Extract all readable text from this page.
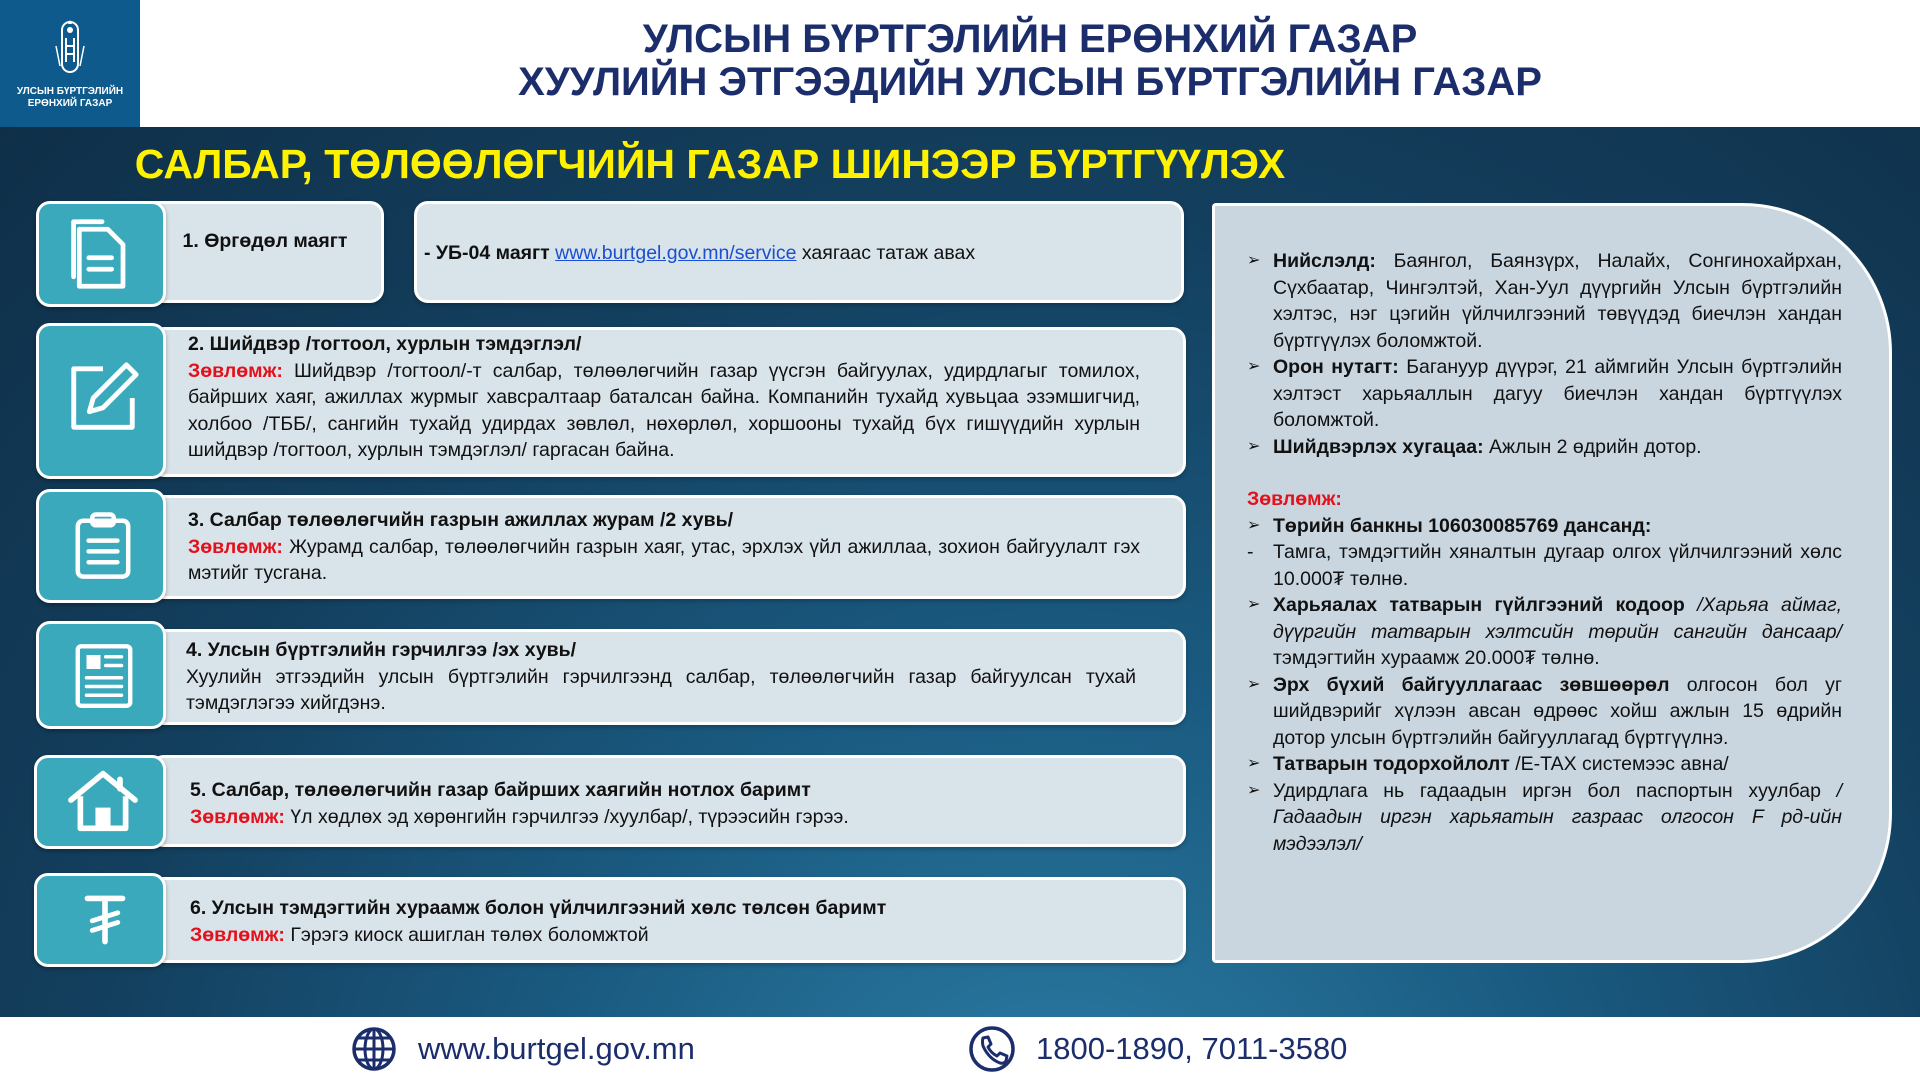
УЛСЫН БҮРТГЭЛИЙН
ЕРӨНХИЙ ГАЗАР
УЛСЫН БҮРТГЭЛИЙН ЕРӨНХИЙ ГАЗАР
ХУУЛИЙН ЭТГЭЭДИЙН УЛСЫН БҮРТГЭЛИЙН ГАЗАР
САЛБАР, ТӨЛӨӨЛӨГЧИЙН ГАЗАР ШИНЭЭР БҮРТГҮҮЛЭХ
1. Өргөдөл маягт
- УБ-04 маягт www.burtgel.gov.mn/service хаягаас татаж авах
2. Шийдвэр /тогтоол, хурлын тэмдэглэл/
Зөвлөмж: Шийдвэр /тогтоол/-т салбар, төлөөлөгчийн газар үүсгэн байгуулах, удирдлагыг томилох, байрших хаяг, ажиллах журмыг хавсралтаар баталсан байна. Компанийн тухайд хувьцаа эзэмшигчид, холбоо /ТББ/, сангийн тухайд удирдах зөвлөл, нөхөрлөл, хоршооны тухайд бүх гишүүдийн хурлын шийдвэр /тогтоол, хурлын тэмдэглэл/ гаргасан байна.
3. Салбар төлөөлөгчийн газрын ажиллах журам /2 хувь/
Зөвлөмж: Журамд салбар, төлөөлөгчийн газрын хаяг, утас, эрхлэх үйл ажиллаа, зохион байгуулалт гэх мэтийг тусгана.
4. Улсын бүртгэлийн гэрчилгээ /эх хувь/
Хуулийн этгээдийн улсын бүртгэлийн гэрчилгээнд салбар, төлөөлөгчийн газар байгуулсан тухай тэмдэглэгээ хийгдэнэ.
5. Салбар, төлөөлөгчийн газар байрших хаягийн нотлох баримт
Зөвлөмж: Үл хөдлөх эд хөрөнгийн гэрчилгээ /хуулбар/, түрээсийн гэрээ.
6. Улсын тэмдэгтийн хураамж болон үйлчилгээний хөлс төлсөн баримт
Зөвлөмж: Гэрэгэ киоск ашиглан төлөх боломжтой
➢ Нийслэлд: Баянгол, Баянзүрх, Налайх, Сонгинохайрхан, Сүхбаатар, Чингэлтэй, Хан-Уул дүүргийн Улсын бүртгэлийн хэлтэс, нэг цэгийн үйлчилгээний төвүүдэд биечлэн хандан бүртгүүлэх боломжтой.
➢ Орон нутагт: Багануур дүүрэг, 21 аймгийн Улсын бүртгэлийн хэлтэст харьяаллын дагуу биечлэн хандан бүртгүүлэх боломжтой.
➢ Шийдвэрлэх хугацаа: Ажлын 2 өдрийн дотор.
Зөвлөмж:
➢ Төрийн банкны 106030085769 дансанд:
- Тамга, тэмдэгтийн хяналтын дугаар олгох үйлчилгээний хөлс 10.000₮ төлнө.
➢ Харьяалах татварын гүйлгээний кодоор /Харьяа аймаг, дүүргийн татварын хэлтсийн төрийн сангийн дансаар/ тэмдэгтийн хураамж 20.000₮ төлнө.
➢ Эрх бүхий байгууллагаас зөвшөөрөл олгосон бол уг шийдвэрийг хүлээн авсан өдрөөс хойш ажлын 15 өдрийн дотор улсын бүртгэлийн байгууллагад бүртгүүлнэ.
➢ Татварын тодорхойлолт /E-TAX системээс авна/
➢ Удирдлага нь гадаадын иргэн бол паспортын хуулбар /Гадаадын иргэн харьяатын газраас олгосон F рд-ийн мэдээлэл/
www.burtgel.gov.mn	1800-1890, 7011-3580
